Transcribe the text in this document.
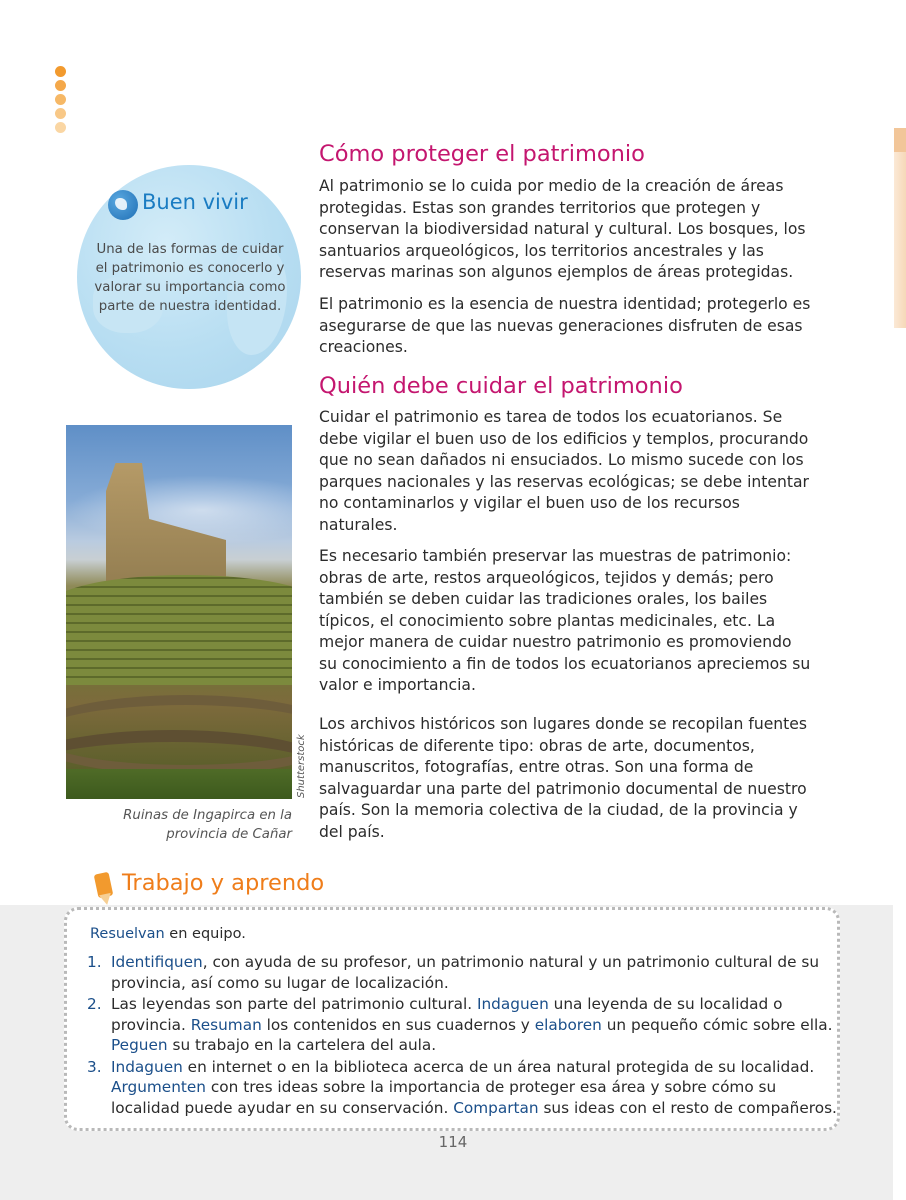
Buen vivir
Una de las formas de cuidar el patrimonio es conocerlo y valorar su importancia como parte de nuestra identidad.
Shutterstock
Ruinas de Ingapirca en la provincia de Cañar
Cómo proteger el patrimonio

Al patrimonio se lo cuida por medio de la creación de áreas protegidas. Estas son grandes territorios que protegen y conservan la biodiversidad natural y cultural. Los bosques, los santuarios arqueológicos, los territorios ancestrales y las reservas marinas son algunos ejemplos de áreas protegidas.

El patrimonio es la esencia de nuestra identidad; protegerlo es asegurarse de que las nuevas generaciones disfruten de esas creaciones.

Quién debe cuidar el patrimonio

Cuidar el patrimonio es tarea de todos los ecuatorianos. Se debe vigilar el buen uso de los edificios y templos, procurando que no sean dañados ni ensuciados. Lo mismo sucede con los parques nacionales y las reservas ecológicas; se debe intentar no contaminarlos y vigilar el buen uso de los recursos naturales.

Es necesario también preservar las muestras de patrimonio: obras de arte, restos arqueológicos, tejidos y demás; pero también se deben cuidar las tradiciones orales, los bailes típicos, el conocimiento sobre plantas medicinales, etc. La mejor manera de cuidar nuestro patrimonio es promoviendo su conocimiento a fin de todos los ecuatorianos apreciemos su valor e importancia.

Los archivos históricos son lugares donde se recopilan fuentes históricas de diferente tipo: obras de arte, documentos, manuscritos, fotografías, entre otras. Son una forma de salvaguardar una parte del patrimonio documental de nuestro país. Son la memoria colectiva de la ciudad, de la provincia y del país.

Trabajo y aprendo
Resuelvan en equipo.
1. Identifiquen, con ayuda de su profesor, un patrimonio natural y un patrimonio cultural de su provincia, así como su lugar de localización.
2. Las leyendas son parte del patrimonio cultural. Indaguen una leyenda de su localidad o provincia. Resuman los contenidos en sus cuadernos y elaboren un pequeño cómic sobre ella. Peguen su trabajo en la cartelera del aula.
3. Indaguen en internet o en la biblioteca acerca de un área natural protegida de su localidad. Argumenten con tres ideas sobre la importancia de proteger esa área y sobre cómo su localidad puede ayudar en su conservación. Compartan sus ideas con el resto de compañeros.
114
